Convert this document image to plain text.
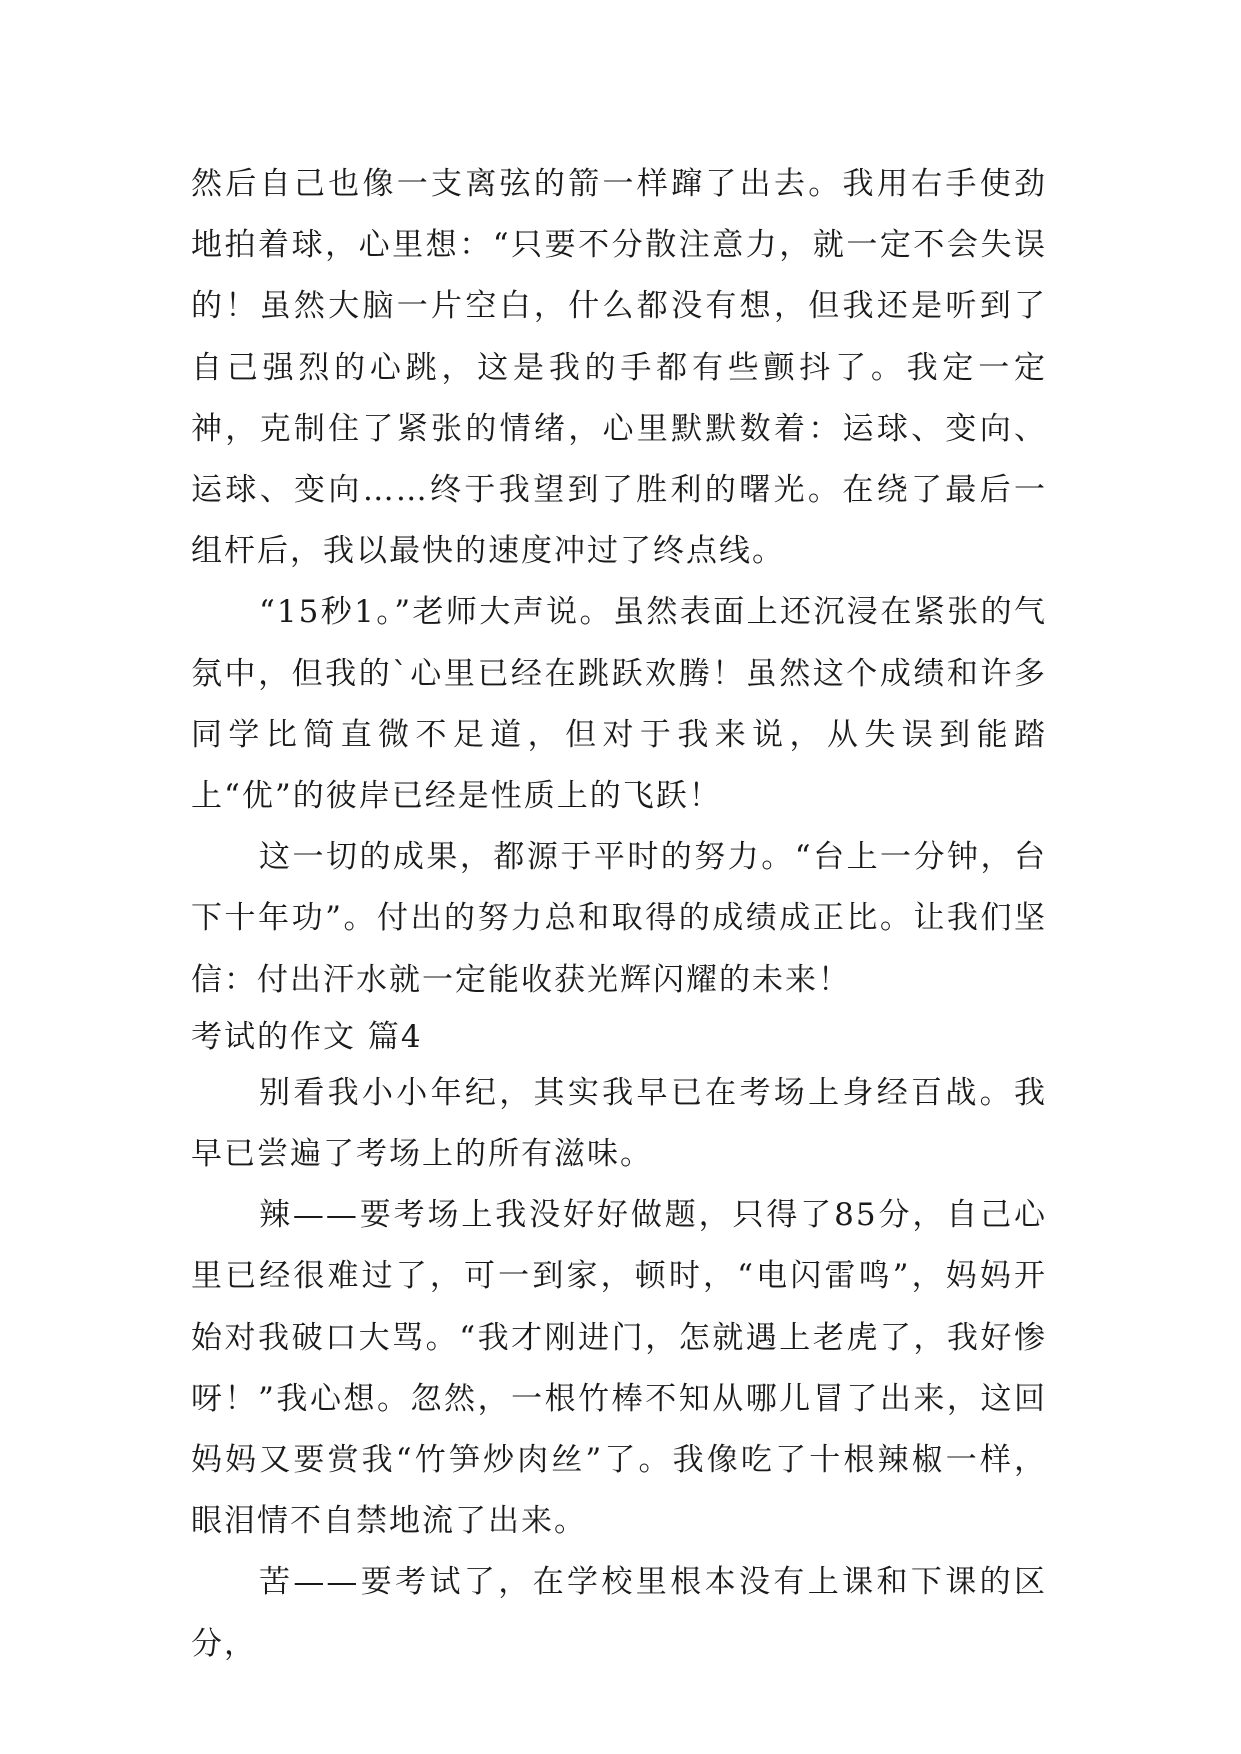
然后自己也像一支离弦的箭一样蹿了出去。我用右手使劲地拍着球，心里想：“只要不分散注意力，就一定不会失误的！虽然大脑一片空白，什么都没有想，但我还是听到了自己强烈的心跳，这是我的手都有些颤抖了。我定一定神，克制住了紧张的情绪，心里默默数着：运球、变向、运球、变向……终于我望到了胜利的曙光。在绕了最后一组杆后，我以最快的速度冲过了终点线。

“15秒1。”老师大声说。虽然表面上还沉浸在紧张的气氛中，但我的`心里已经在跳跃欢腾！虽然这个成绩和许多同学比简直微不足道，但对于我来说，从失误到能踏上“优”的彼岸已经是性质上的飞跃！

这一切的成果，都源于平时的努力。“台上一分钟，台下十年功”。付出的努力总和取得的成绩成正比。让我们坚信：付出汗水就一定能收获光辉闪耀的未来！

考试的作文 篇4

别看我小小年纪，其实我早已在考场上身经百战。我早已尝遍了考场上的所有滋味。

辣——要考场上我没好好做题，只得了85分，自己心里已经很难过了，可一到家，顿时，“电闪雷鸣”，妈妈开始对我破口大骂。“我才刚进门，怎就遇上老虎了，我好惨呀！”我心想。忽然，一根竹棒不知从哪儿冒了出来，这回妈妈又要赏我“竹笋炒肉丝”了。我像吃了十根辣椒一样，眼泪情不自禁地流了出来。

苦——要考试了，在学校里根本没有上课和下课的区分，
